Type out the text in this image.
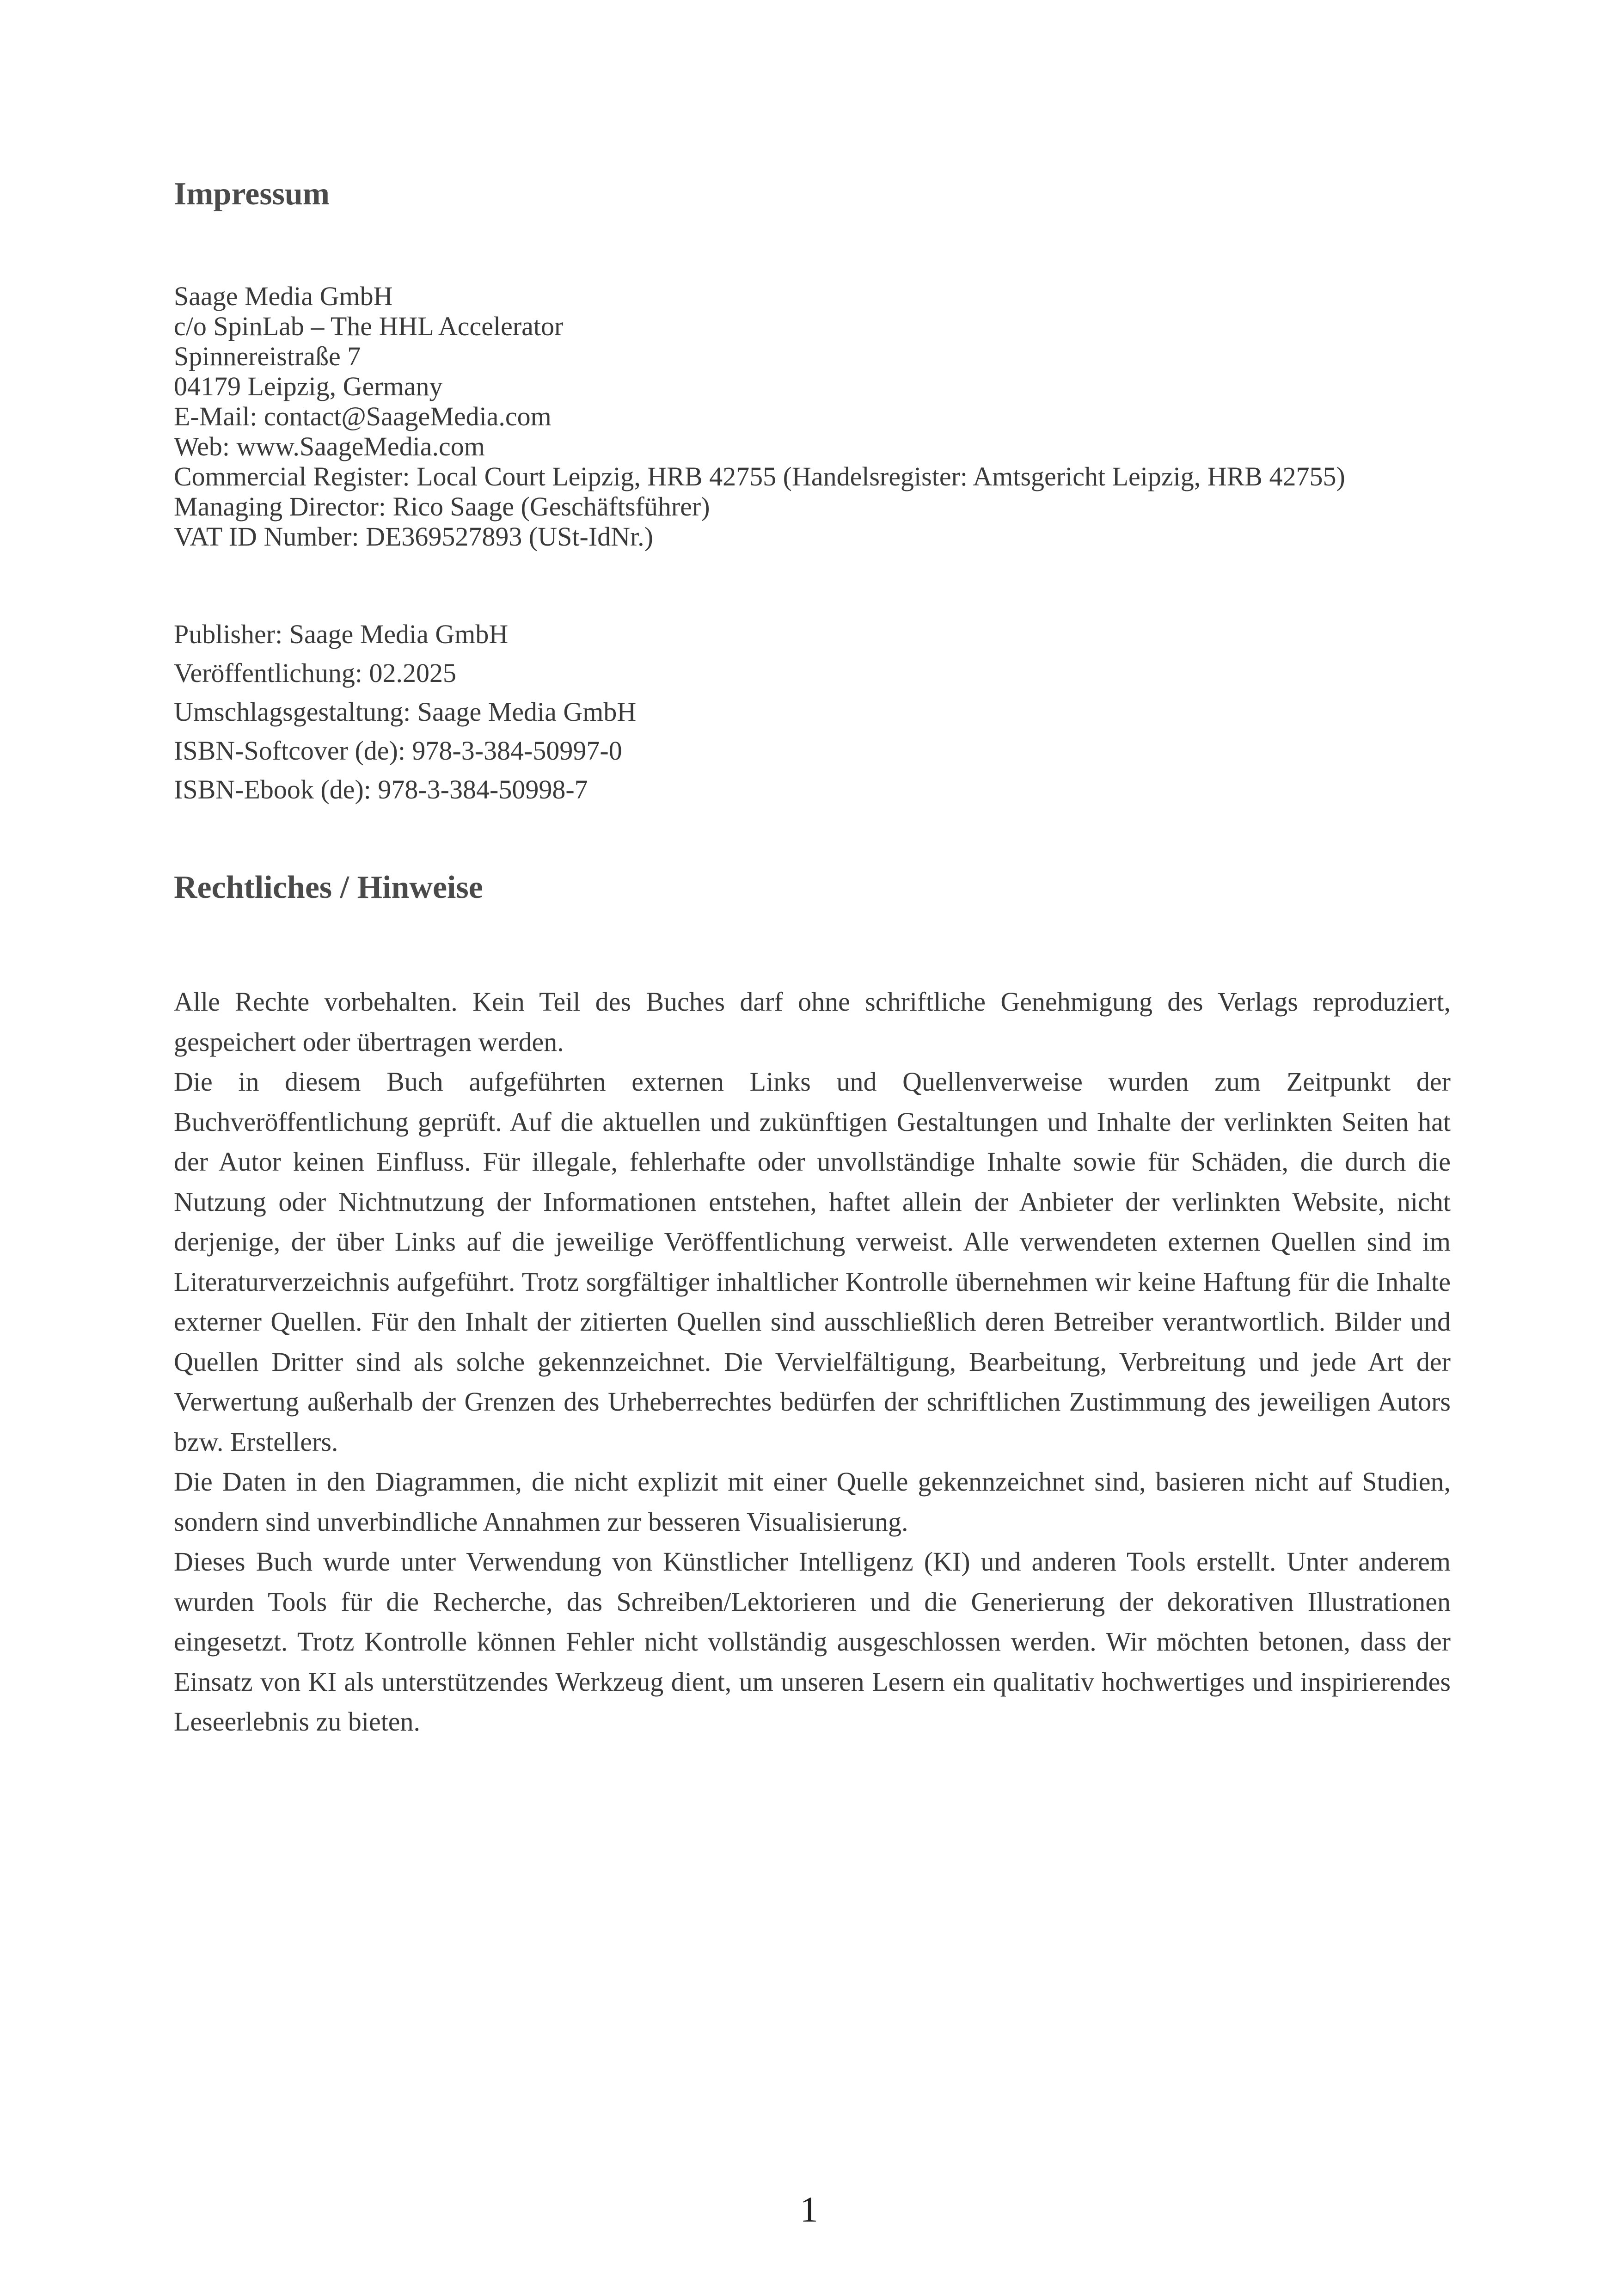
Impressum
Saage Media GmbH
c/o SpinLab – The HHL Accelerator
Spinnereistraße 7
04179 Leipzig, Germany
E-Mail: contact@SaageMedia.com
Web: www.SaageMedia.com
Commercial Register: Local Court Leipzig, HRB 42755 (Handelsregister: Amtsgericht Leipzig, HRB 42755)
Managing Director: Rico Saage (Geschäftsführer)
VAT ID Number: DE369527893 (USt-IdNr.)
Publisher: Saage Media GmbH
Veröffentlichung: 02.2025
Umschlagsgestaltung: Saage Media GmbH
ISBN-Softcover (de): 978-3-384-50997-0
ISBN-Ebook (de): 978-3-384-50998-7
Rechtliches / Hinweise

Alle Rechte vorbehalten. Kein Teil des Buches darf ohne schriftliche Genehmigung des Verlags reproduziert, gespeichert oder übertragen werden.

Die in diesem Buch aufgeführten externen Links und Quellenverweise wurden zum Zeitpunkt der Buchveröffentlichung geprüft. Auf die aktuellen und zukünftigen Gestaltungen und Inhalte der verlinkten Seiten hat der Autor keinen Einfluss. Für illegale, fehlerhafte oder unvollständige Inhalte sowie für Schäden, die durch die Nutzung oder Nichtnutzung der Informationen entstehen, haftet allein der Anbieter der verlinkten Website, nicht derjenige, der über Links auf die jeweilige Veröffentlichung verweist. Alle verwendeten externen Quellen sind im Literaturverzeichnis aufgeführt. Trotz sorgfältiger inhaltlicher Kontrolle übernehmen wir keine Haftung für die Inhalte externer Quellen. Für den Inhalt der zitierten Quellen sind ausschließlich deren Betreiber verantwortlich. Bilder und Quellen Dritter sind als solche gekennzeichnet. Die Vervielfältigung, Bearbeitung, Verbreitung und jede Art der Verwertung außerhalb der Grenzen des Urheberrechtes bedürfen der schriftlichen Zustimmung des jeweiligen Autors bzw. Erstellers.

Die Daten in den Diagrammen, die nicht explizit mit einer Quelle gekennzeichnet sind, basieren nicht auf Studien, sondern sind unverbindliche Annahmen zur besseren Visualisierung.

Dieses Buch wurde unter Verwendung von Künstlicher Intelligenz (KI) und anderen Tools erstellt. Unter anderem wurden Tools für die Recherche, das Schreiben/Lektorieren und die Generierung der dekorativen Illustrationen eingesetzt. Trotz Kontrolle können Fehler nicht vollständig ausgeschlossen werden. Wir möchten betonen, dass der Einsatz von KI als unterstützendes Werkzeug dient, um unseren Lesern ein qualitativ hochwertiges und inspirierendes Leseerlebnis zu bieten.

1
